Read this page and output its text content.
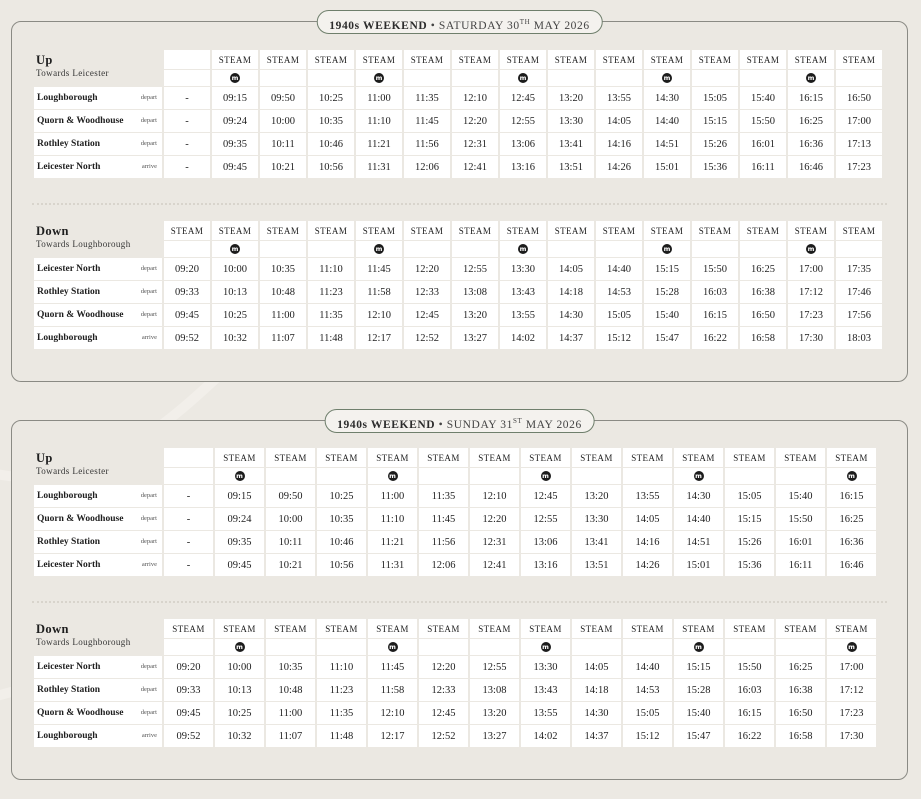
1940s WEEKEND • SATURDAY 30TH MAY 2026
Up
Towards Leicester		STEAM	STEAM	STEAM	STEAM	STEAM	STEAM	STEAM	STEAM	STEAM	STEAM	STEAM	STEAM	STEAM	STEAM
		m			m			m			m			m	
Loughborough depart	-	09:15	09:50	10:25	11:00	11:35	12:10	12:45	13:20	13:55	14:30	15:05	15:40	16:15	16:50
Quorn & Woodhouse depart	-	09:24	10:00	10:35	11:10	11:45	12:20	12:55	13:30	14:05	14:40	15:15	15:50	16:25	17:00
Rothley Station depart	-	09:35	10:11	10:46	11:21	11:56	12:31	13:06	13:41	14:16	14:51	15:26	16:01	16:36	17:13
Leicester North arrive	-	09:45	10:21	10:56	11:31	12:06	12:41	13:16	13:51	14:26	15:01	15:36	16:11	16:46	17:23
Down
Towards Loughborough	STEAM	STEAM	STEAM	STEAM	STEAM	STEAM	STEAM	STEAM	STEAM	STEAM	STEAM	STEAM	STEAM	STEAM	STEAM
		m			m			m			m			m	
Leicester North depart	09:20	10:00	10:35	11:10	11:45	12:20	12:55	13:30	14:05	14:40	15:15	15:50	16:25	17:00	17:35
Rothley Station depart	09:33	10:13	10:48	11:23	11:58	12:33	13:08	13:43	14:18	14:53	15:28	16:03	16:38	17:12	17:46
Quorn & Woodhouse depart	09:45	10:25	11:00	11:35	12:10	12:45	13:20	13:55	14:30	15:05	15:40	16:15	16:50	17:23	17:56
Loughborough arrive	09:52	10:32	11:07	11:48	12:17	12:52	13:27	14:02	14:37	15:12	15:47	16:22	16:58	17:30	18:03
1940s WEEKEND • SUNDAY 31ST MAY 2026
Up
Towards Leicester		STEAM	STEAM	STEAM	STEAM	STEAM	STEAM	STEAM	STEAM	STEAM	STEAM	STEAM	STEAM	STEAM
		m			m			m			m			m
Loughborough depart	-	09:15	09:50	10:25	11:00	11:35	12:10	12:45	13:20	13:55	14:30	15:05	15:40	16:15
Quorn & Woodhouse depart	-	09:24	10:00	10:35	11:10	11:45	12:20	12:55	13:30	14:05	14:40	15:15	15:50	16:25
Rothley Station depart	-	09:35	10:11	10:46	11:21	11:56	12:31	13:06	13:41	14:16	14:51	15:26	16:01	16:36
Leicester North arrive	-	09:45	10:21	10:56	11:31	12:06	12:41	13:16	13:51	14:26	15:01	15:36	16:11	16:46
Down
Towards Loughborough	STEAM	STEAM	STEAM	STEAM	STEAM	STEAM	STEAM	STEAM	STEAM	STEAM	STEAM	STEAM	STEAM	STEAM
		m			m			m			m			m
Leicester North depart	09:20	10:00	10:35	11:10	11:45	12:20	12:55	13:30	14:05	14:40	15:15	15:50	16:25	17:00
Rothley Station depart	09:33	10:13	10:48	11:23	11:58	12:33	13:08	13:43	14:18	14:53	15:28	16:03	16:38	17:12
Quorn & Woodhouse depart	09:45	10:25	11:00	11:35	12:10	12:45	13:20	13:55	14:30	15:05	15:40	16:15	16:50	17:23
Loughborough arrive	09:52	10:32	11:07	11:48	12:17	12:52	13:27	14:02	14:37	15:12	15:47	16:22	16:58	17:30
